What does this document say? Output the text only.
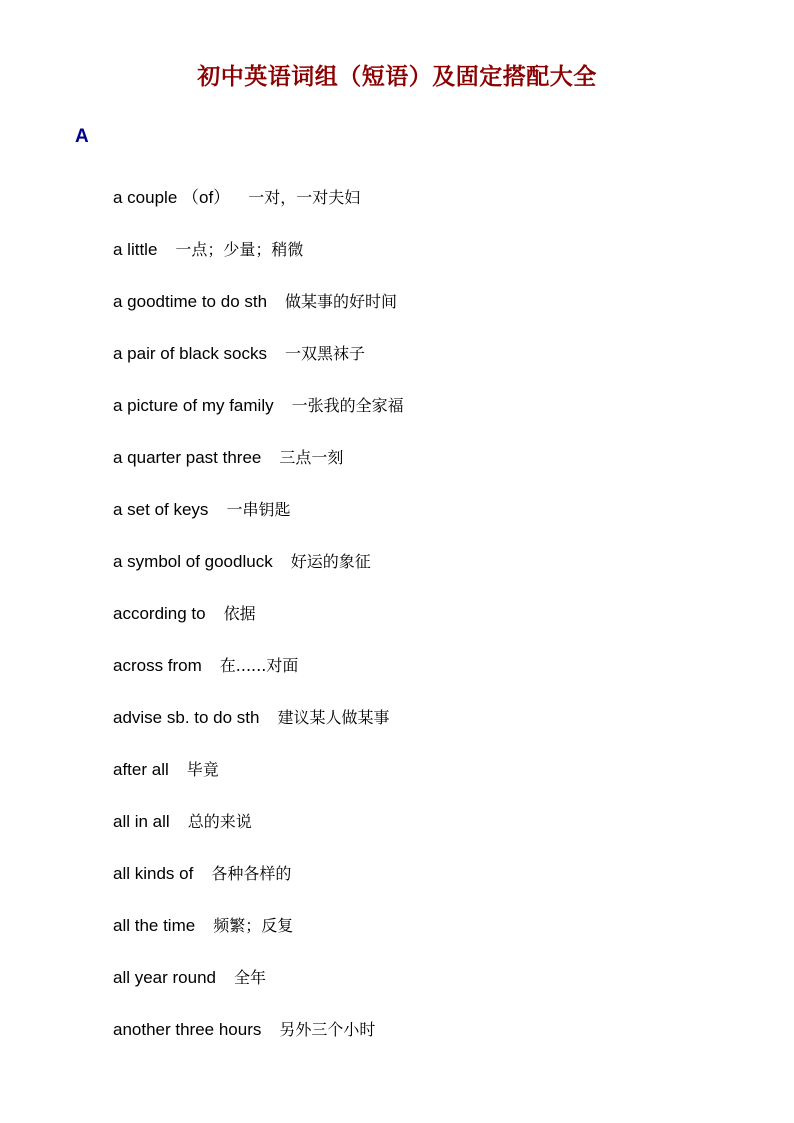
初中英语词组（短语）及固定搭配大全
A
a couple （of） 一对，一对夫妇
a little 一点；少量；稍微
a goodtime to do sth 做某事的好时间
a pair of black socks 一双黑袜子
a picture of my family 一张我的全家福
a quarter past three 三点一刻
a set of keys 一串钥匙
a symbol of goodluck 好运的象征
according to 依据
across from 在......对面
advise sb. to do sth 建议某人做某事
after all 毕竟
all in all 总的来说
all kinds of 各种各样的
all the time 频繁；反复
all year round 全年
another three hours 另外三个小时
